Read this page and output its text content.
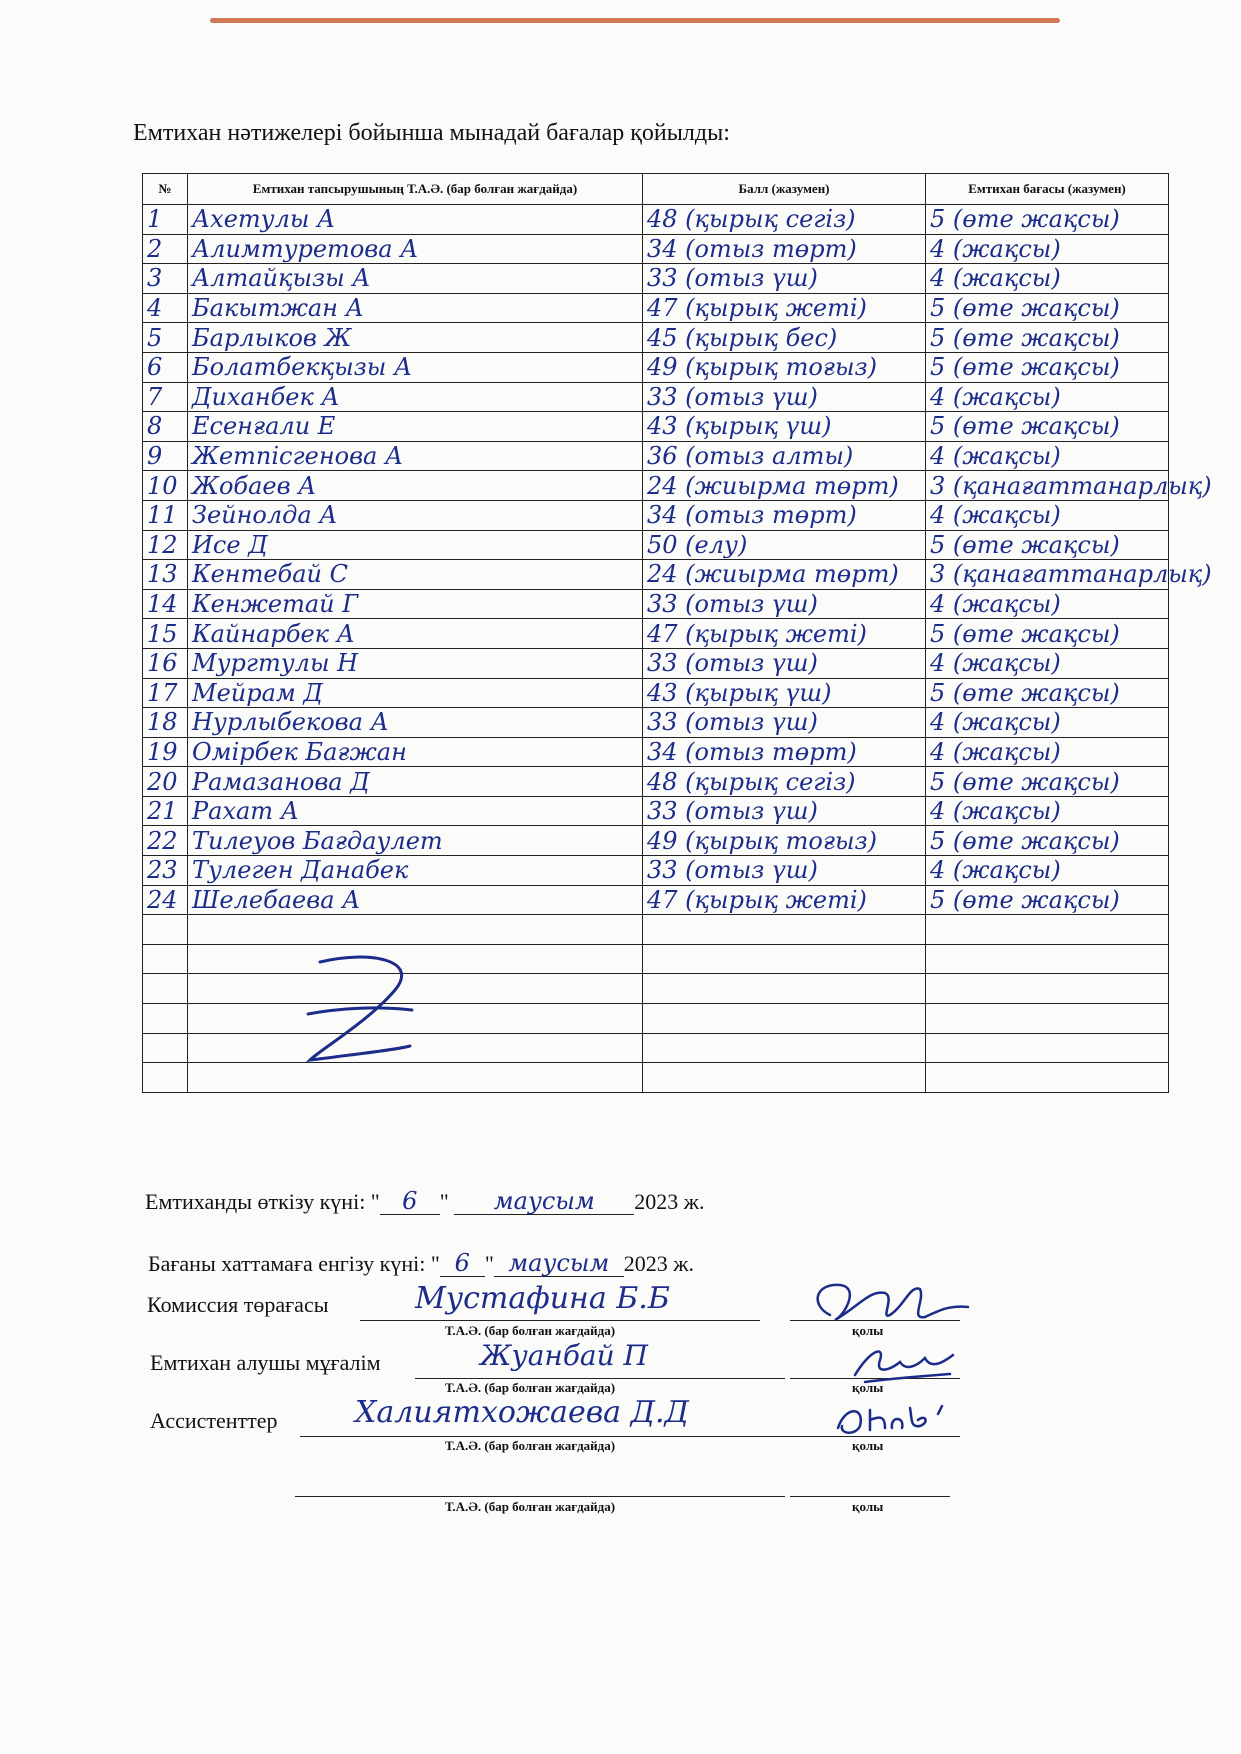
Емтихан нәтижелері бойынша мынадай бағалар қойылды:
№	Емтихан тапсырушының Т.А.Ә. (бар болған жағдайда)	Балл (жазумен)	Емтихан бағасы (жазумен)
1	Ахетулы А	48 (қырық сегіз)	5 (өте жақсы)
2	Алимтуретова А	34 (отыз төрт)	4 (жақсы)
3	Алтайқызы А	33 (отыз үш)	4 (жақсы)
4	Бакытжан А	47 (қырық жеті)	5 (өте жақсы)
5	Барлыков Ж	45 (қырық бес)	5 (өте жақсы)
6	Болатбекқызы А	49 (қырық тоғыз)	5 (өте жақсы)
7	Диханбек А	33 (отыз үш)	4 (жақсы)
8	Есенғали Е	43 (қырық үш)	5 (өте жақсы)
9	Жетпісгенова А	36 (отыз алты)	4 (жақсы)
10	Жобаев А	24 (жиырма төрт)	3 (қанағаттанарлық)
11	Зейнолда А	34 (отыз төрт)	4 (жақсы)
12	Исе Д	50 (елу)	5 (өте жақсы)
13	Кентебай С	24 (жиырма төрт)	3 (қанағаттанарлық)
14	Кенжетай Г	33 (отыз үш)	4 (жақсы)
15	Кайнарбек А	47 (қырық жеті)	5 (өте жақсы)
16	Мургтулы Н	33 (отыз үш)	4 (жақсы)
17	Мейрам Д	43 (қырық үш)	5 (өте жақсы)
18	Нурлыбекова А	33 (отыз үш)	4 (жақсы)
19	Омірбек Бағжан	34 (отыз төрт)	4 (жақсы)
20	Рамазанова Д	48 (қырық сегіз)	5 (өте жақсы)
21	Рахат А	33 (отыз үш)	4 (жақсы)
22	Тилеуов Бағдаулет	49 (қырық тоғыз)	5 (өте жақсы)
23	Тулеген Данабек	33 (отыз үш)	4 (жақсы)
24	Шелебаева А	47 (қырық жеті)	5 (өте жақсы)

Емтиханды өткізу күні: " 6 " маусым 2023 ж.
Бағаны хаттамаға енгізу күні: " 6 " маусым 2023 ж.
Комиссия төрағасы	Мустафина Б.Б
Т.А.Ә. (бар болған жағдайда)	қолы
Емтихан алушы мұғалім	Жуанбай П
Т.А.Ә. (бар болған жағдайда)	қолы
Ассистенттер	Халиятхожаева Д.Д
Т.А.Ә. (бар болған жағдайда)	қолы
Т.А.Ә. (бар болған жағдайда)	қолы
